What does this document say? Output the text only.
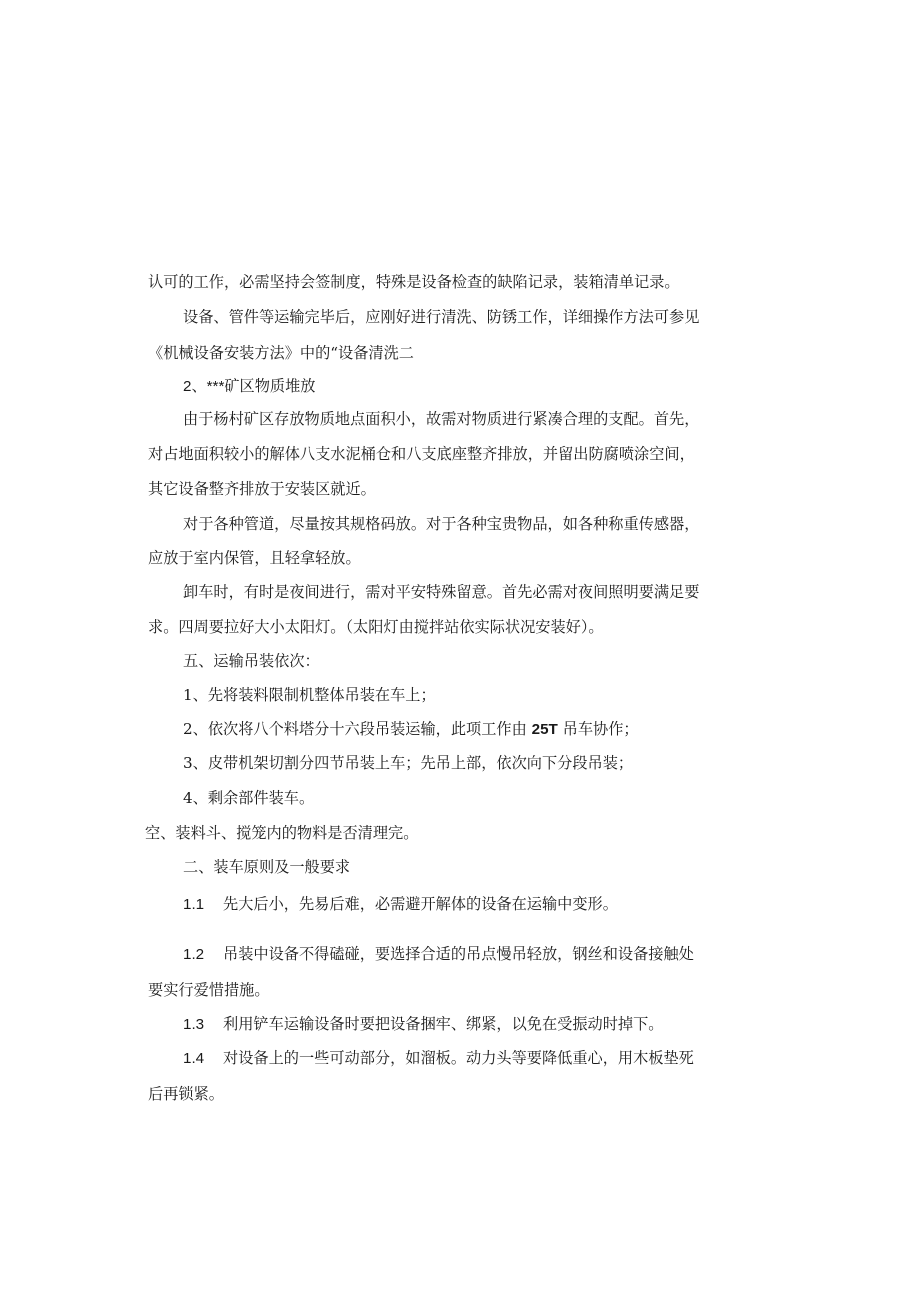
认可的工作，必需坚持会签制度，特殊是设备检查的缺陷记录，装箱清单记录。
设备、管件等运输完毕后，应刚好进行清洗、防锈工作，详细操作方法可参见
《机械设备安装方法》中的“设备清洗二
2、***矿区物质堆放
由于杨村矿区存放物质地点面积小，故需对物质进行紧凑合理的支配。首先，
对占地面积较小的解体八支水泥桶仓和八支底座整齐排放，并留出防腐喷涂空间，
其它设备整齐排放于安装区就近。
对于各种管道，尽量按其规格码放。对于各种宝贵物品，如各种称重传感器，
应放于室内保管，且轻拿轻放。
卸车时，有时是夜间进行，需对平安特殊留意。首先必需对夜间照明要满足要
求。四周要拉好大小太阳灯。（太阳灯由搅拌站依实际状况安装好）。
五、运输吊装依次：
1、先将装料限制机整体吊装在车上；
2、依次将八个料塔分十六段吊装运输，此项工作由 25T 吊车协作；
3、皮带机架切割分四节吊装上车；先吊上部，依次向下分段吊装；
4、剩余部件装车。
空、装料斗、搅笼内的物料是否清理完。
二、装车原则及一般要求
1.1 先大后小，先易后难，必需避开解体的设备在运输中变形。
1.2 吊装中设备不得磕碰，要选择合适的吊点慢吊轻放，钢丝和设备接触处
要实行爱惜措施。
1.3 利用铲车运输设备时要把设备捆牢、绑紧，以免在受振动时掉下。
1.4 对设备上的一些可动部分，如溜板。动力头等要降低重心，用木板垫死
后再锁紧。
